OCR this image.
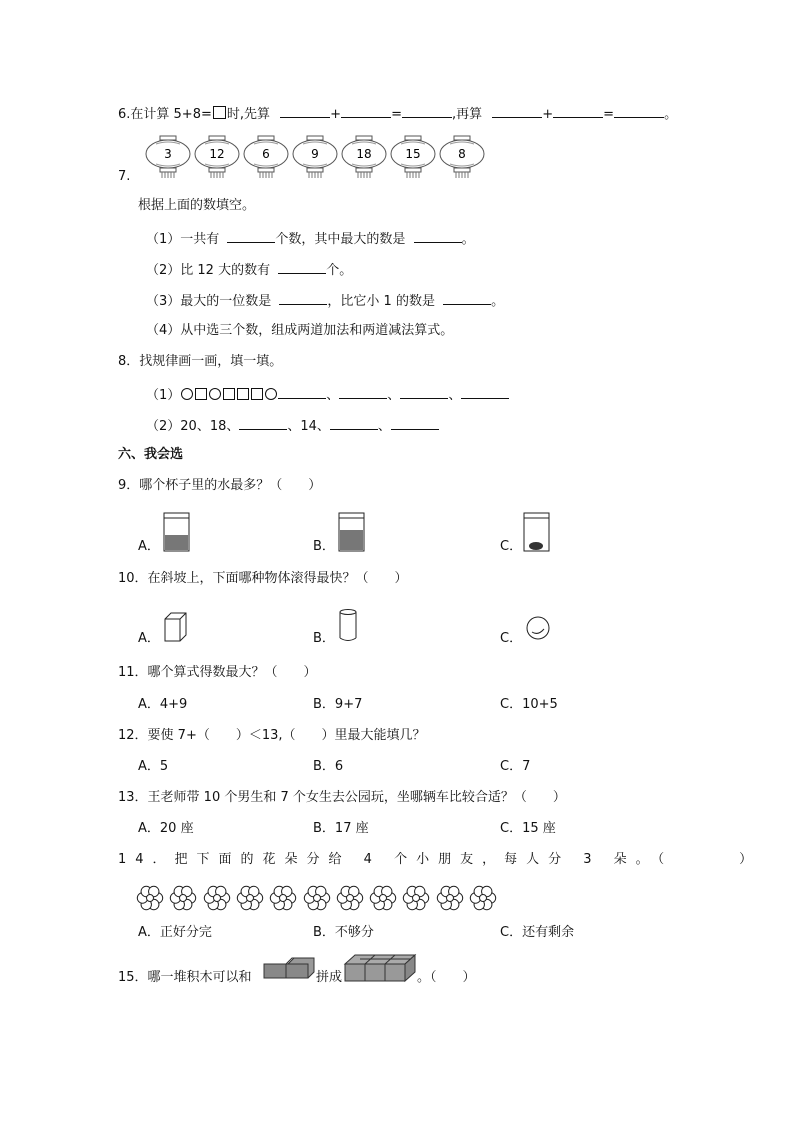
6.在计算 5+8= 时,先算	+	=	,再算	+	=	。
3	12	6	9	18	15	8
7.
根据上面的数填空。
（1）一共有	个数，其中最大的数是	。
（2）比 12 大的数有	个。
（3）最大的一位数是	，比它小 1 的数是	。
（4）从中选三个数，组成两道加法和两道减法算式。
8．找规律画一画，填一填。
（1）	、	、	、
（2）20、18、	、14、	、
六、我会选
9．哪个杯子里的水最多？（　　）
A．	B．	C．
10．在斜坡上，下面哪种物体滚得最快？（　　）
A．	B．	C．
11．哪个算式得数最大？（　　）
A．4+9	B．9+7	C．10+5
12．要使 7+（　　）＜13,（　　）里最大能填几？
A．5	B．6	C．7
13．王老师带 10 个男生和 7 个女生去公园玩，坐哪辆车比较合适？（　　）
A．20 座	B．17 座	C．15 座
14．把下面的花朵分给 4 个小朋友，每人分 3 朵。（　　　）
A．正好分完	B．不够分	C．还有剩余
15．哪一堆积木可以和	拼成	。（　　）
